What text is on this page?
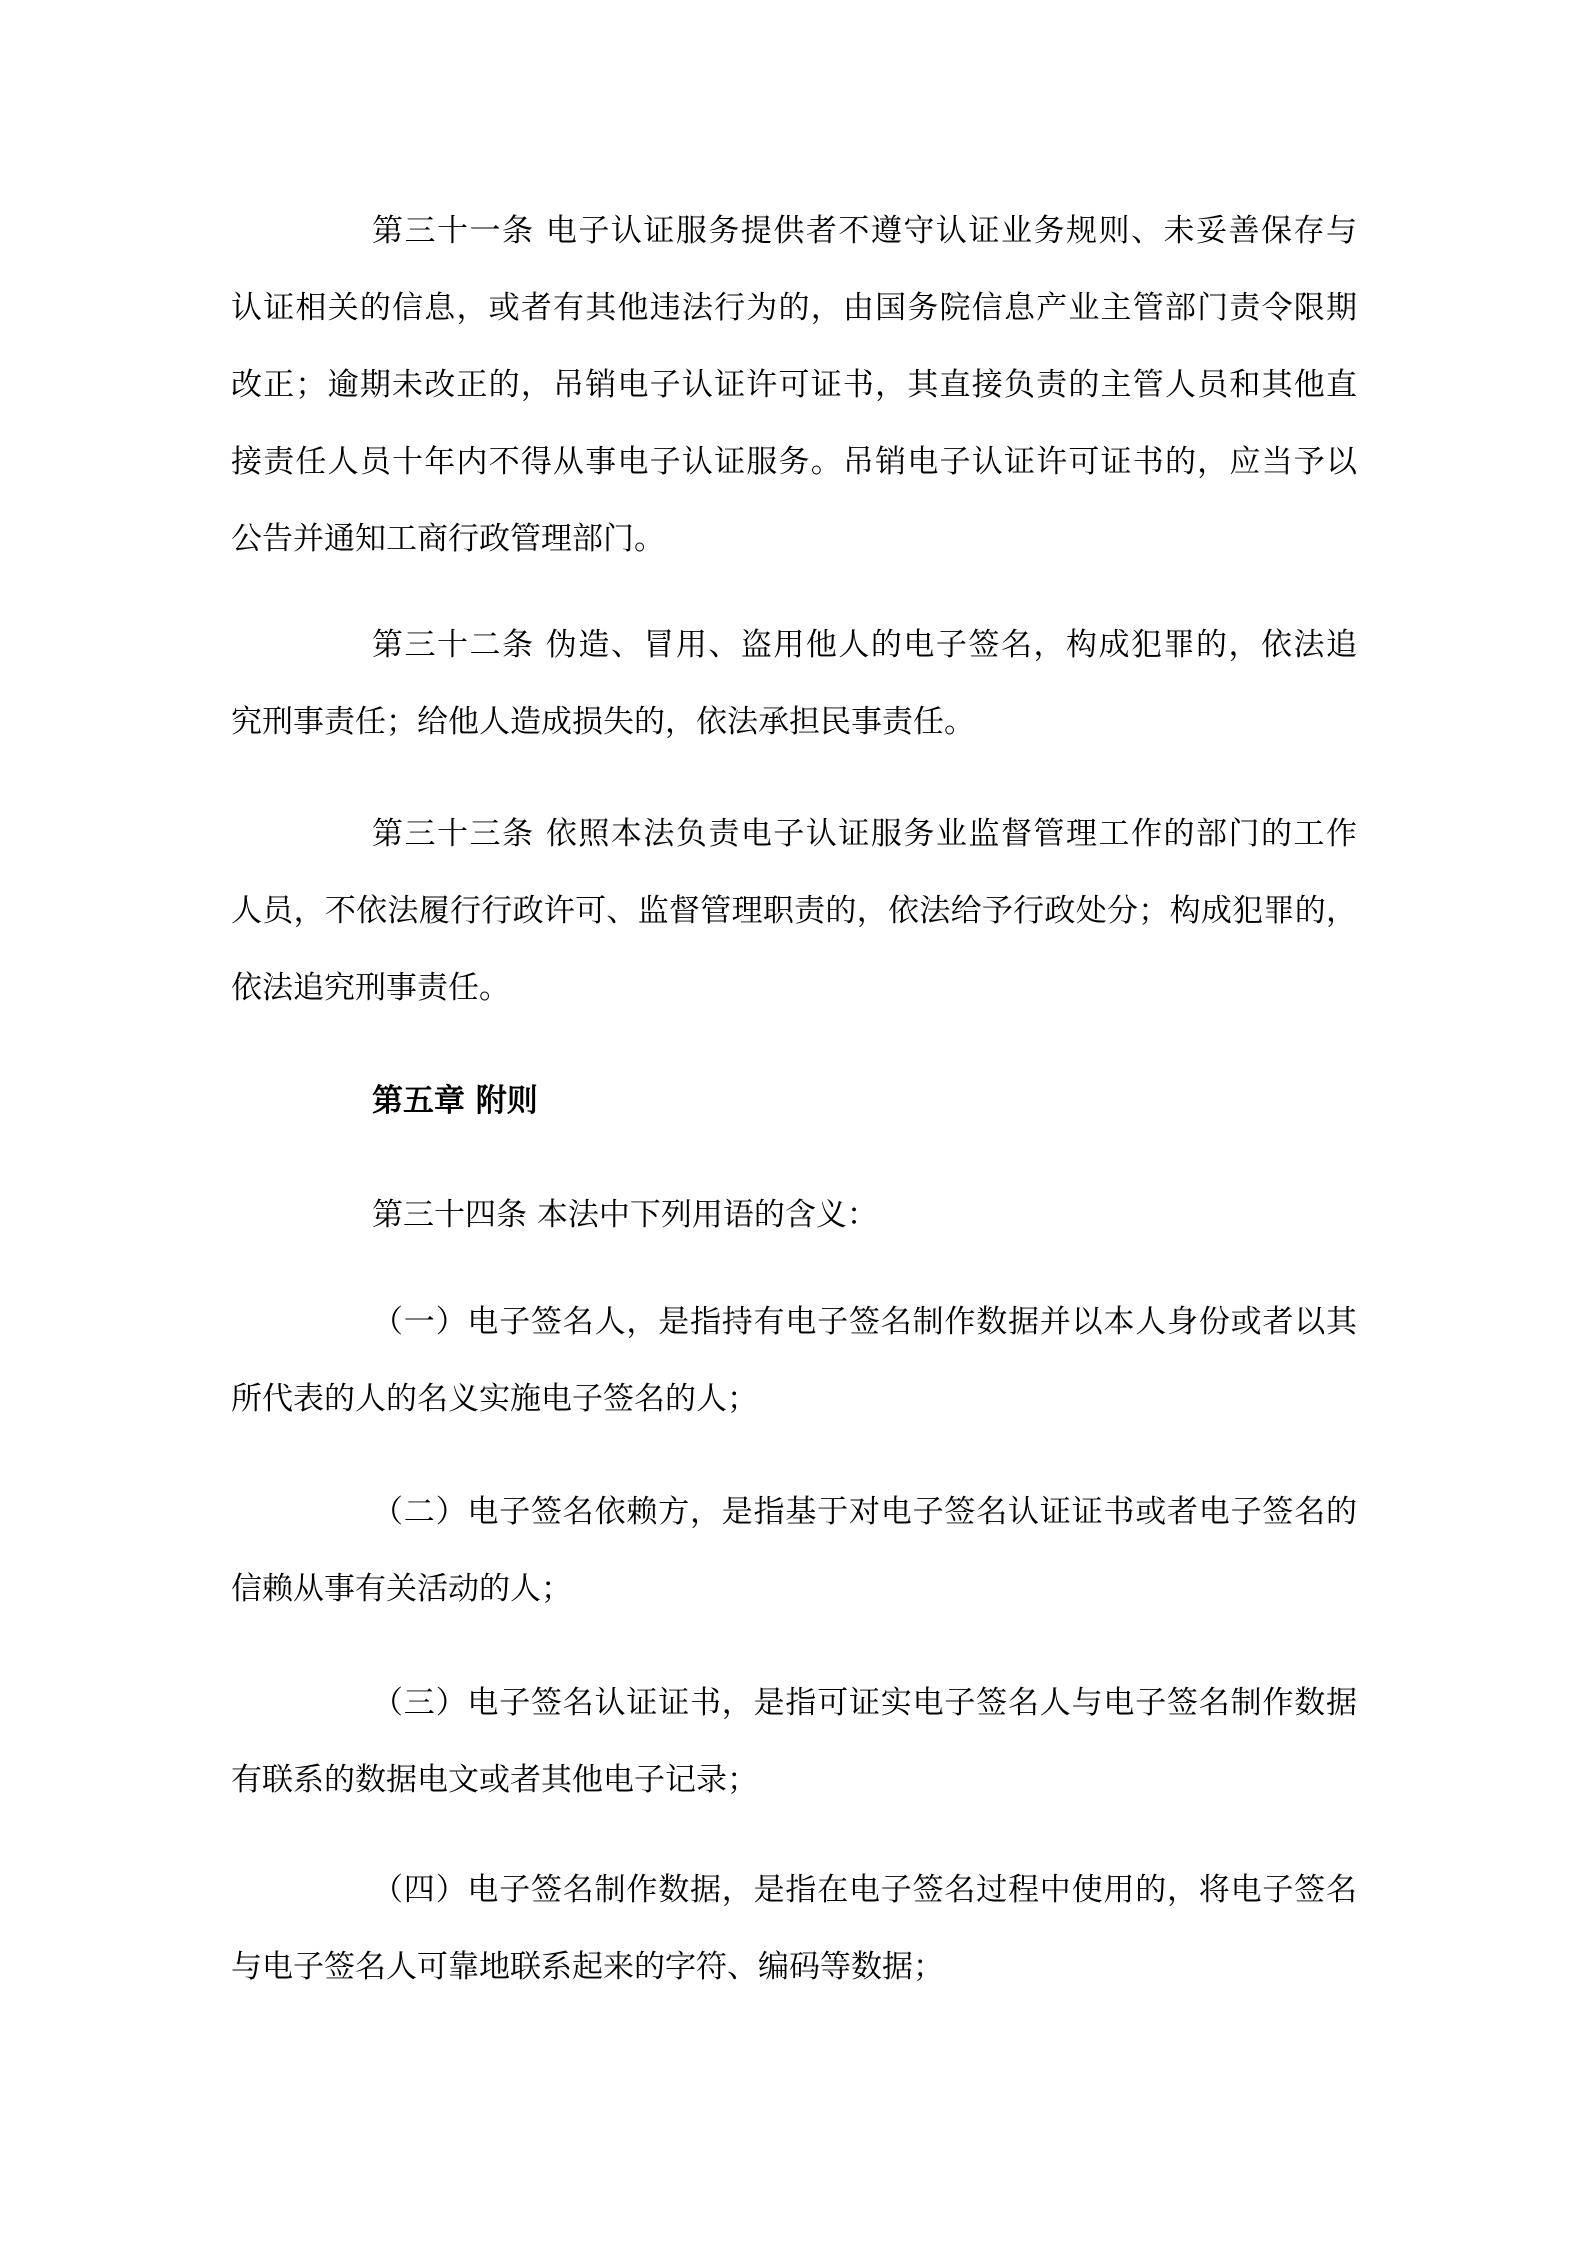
第三十一条 电子认证服务提供者不遵守认证业务规则、未妥善保存与
认证相关的信息，或者有其他违法行为的，由国务院信息产业主管部门责令限期
改正；逾期未改正的，吊销电子认证许可证书，其直接负责的主管人员和其他直
接责任人员十年内不得从事电子认证服务。吊销电子认证许可证书的，应当予以
公告并通知工商行政管理部门。
第三十二条 伪造、冒用、盗用他人的电子签名，构成犯罪的，依法追
究刑事责任；给他人造成损失的，依法承担民事责任。
第三十三条 依照本法负责电子认证服务业监督管理工作的部门的工作
人员，不依法履行行政许可、监督管理职责的，依法给予行政处分；构成犯罪的，
依法追究刑事责任。
第五章 附则
第三十四条 本法中下列用语的含义：
（一）电子签名人，是指持有电子签名制作数据并以本人身份或者以其
所代表的人的名义实施电子签名的人；
（二）电子签名依赖方，是指基于对电子签名认证证书或者电子签名的
信赖从事有关活动的人；
（三）电子签名认证证书，是指可证实电子签名人与电子签名制作数据
有联系的数据电文或者其他电子记录；
（四）电子签名制作数据，是指在电子签名过程中使用的，将电子签名
与电子签名人可靠地联系起来的字符、编码等数据；
